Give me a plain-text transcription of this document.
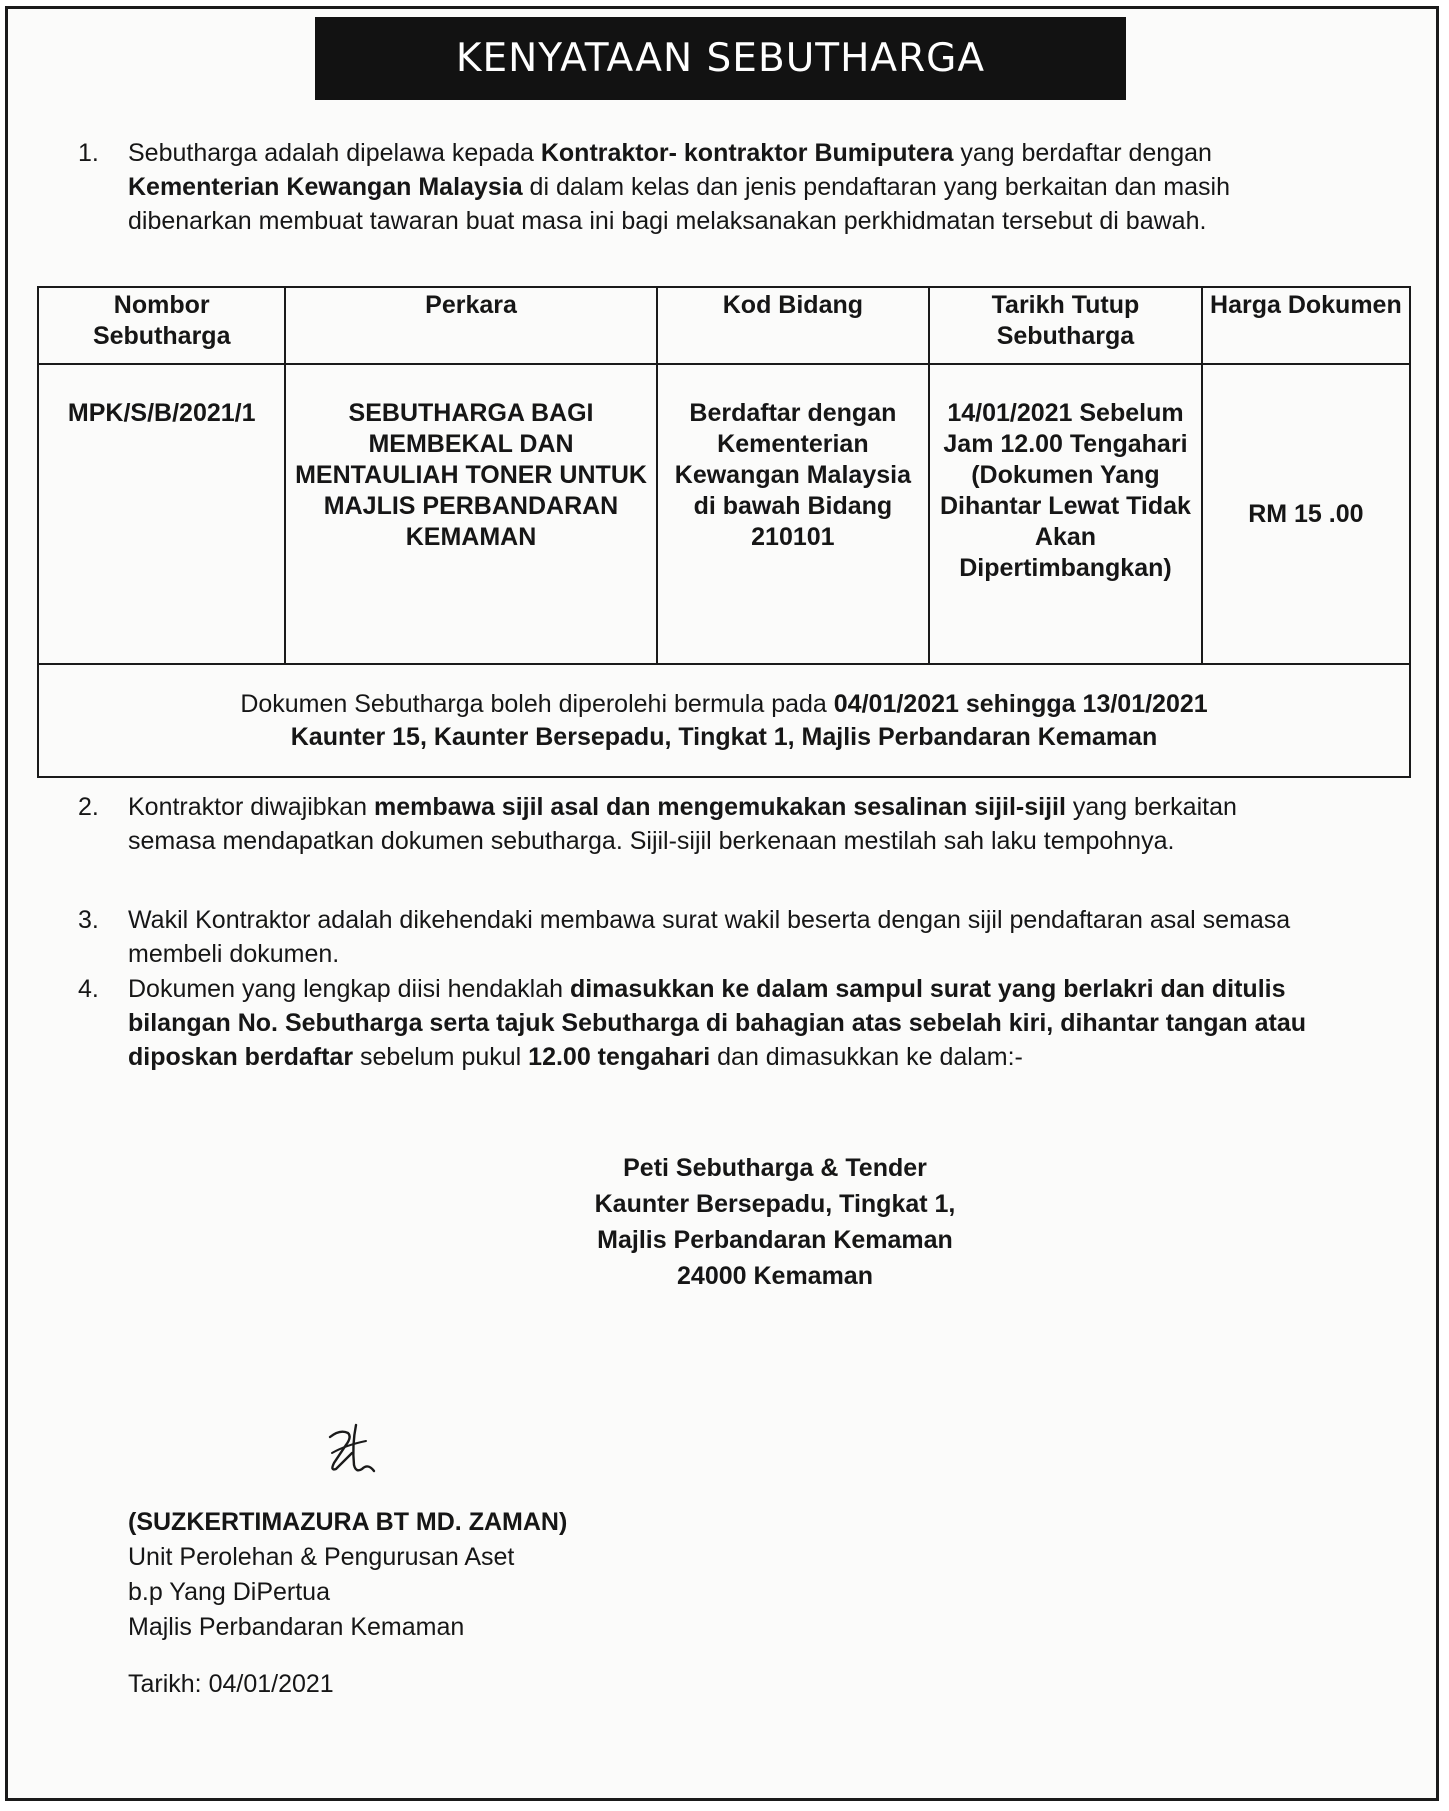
KENYATAAN SEBUTHARGA
1. Sebutharga adalah dipelawa kepada Kontraktor- kontraktor Bumiputera yang berdaftar dengan Kementerian Kewangan Malaysia di dalam kelas dan jenis pendaftaran yang berkaitan dan masih dibenarkan membuat tawaran buat masa ini bagi melaksanakan perkhidmatan tersebut di bawah.
Nombor Sebutharga	Perkara	Kod Bidang	Tarikh Tutup Sebutharga	Harga Dokumen
MPK/S/B/2021/1	SEBUTHARGA BAGI MEMBEKAL DAN MENTAULIAH TONER UNTUK MAJLIS PERBANDARAN KEMAMAN	Berdaftar dengan Kementerian Kewangan Malaysia di bawah Bidang 210101	14/01/2021 Sebelum Jam 12.00 Tengahari (Dokumen Yang Dihantar Lewat Tidak Akan Dipertimbangkan)	RM 15 .00
Dokumen Sebutharga boleh diperolehi bermula pada 04/01/2021 sehingga 13/01/2021
Kaunter 15, Kaunter Bersepadu, Tingkat 1, Majlis Perbandaran Kemaman				
2. Kontraktor diwajibkan membawa sijil asal dan mengemukakan sesalinan sijil-sijil yang berkaitan semasa mendapatkan dokumen sebutharga. Sijil-sijil berkenaan mestilah sah laku tempohnya.
3. Wakil Kontraktor adalah dikehendaki membawa surat wakil beserta dengan sijil pendaftaran asal semasa membeli dokumen.
4. Dokumen yang lengkap diisi hendaklah dimasukkan ke dalam sampul surat yang berlakri dan ditulis bilangan No. Sebutharga serta tajuk Sebutharga di bahagian atas sebelah kiri, dihantar tangan atau diposkan berdaftar sebelum pukul 12.00 tengahari dan dimasukkan ke dalam:-
Peti Sebutharga & Tender
Kaunter Bersepadu, Tingkat 1,
Majlis Perbandaran Kemaman
24000 Kemaman
(SUZKERTIMAZURA BT MD. ZAMAN)
Unit Perolehan & Pengurusan Aset
b.p Yang DiPertua
Majlis Perbandaran Kemaman
Tarikh: 04/01/2021
